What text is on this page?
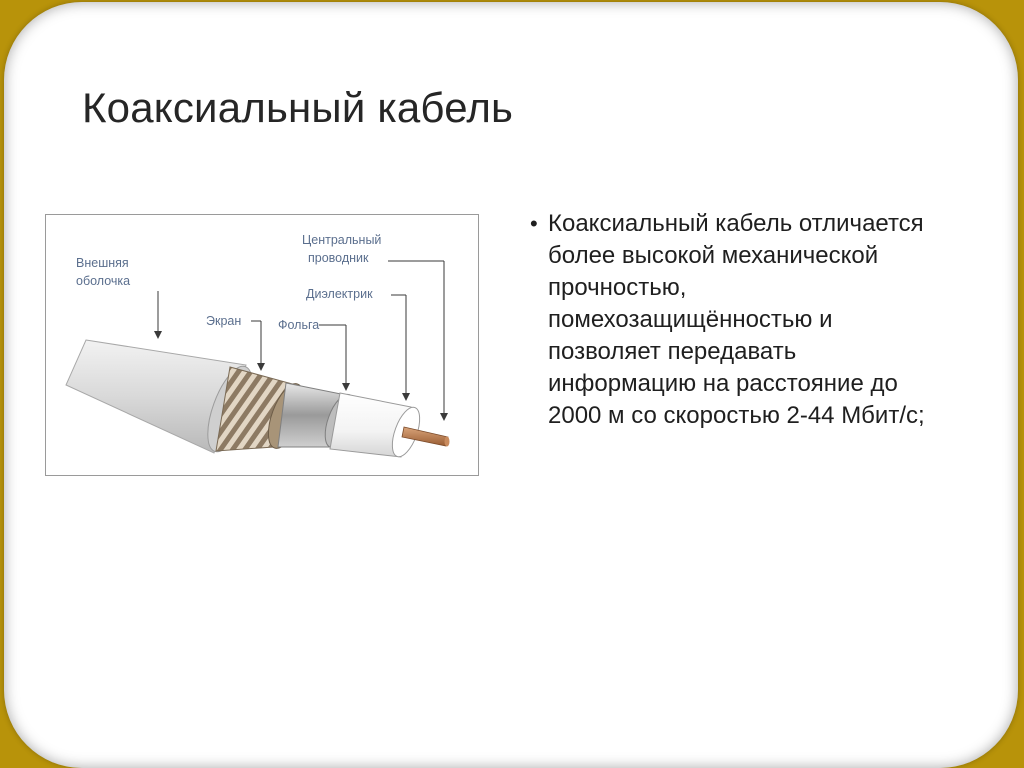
Коаксиальный кабель
Внешняя
оболочка
Экран	Фольга
Диэлектрик
Центральный
проводник
• Коаксиальный кабель отличается более высокой механической прочностью, помехозащищённостью и позволяет передавать информацию на расстояние до 2000 м со скоростью 2-44 Мбит/с;
